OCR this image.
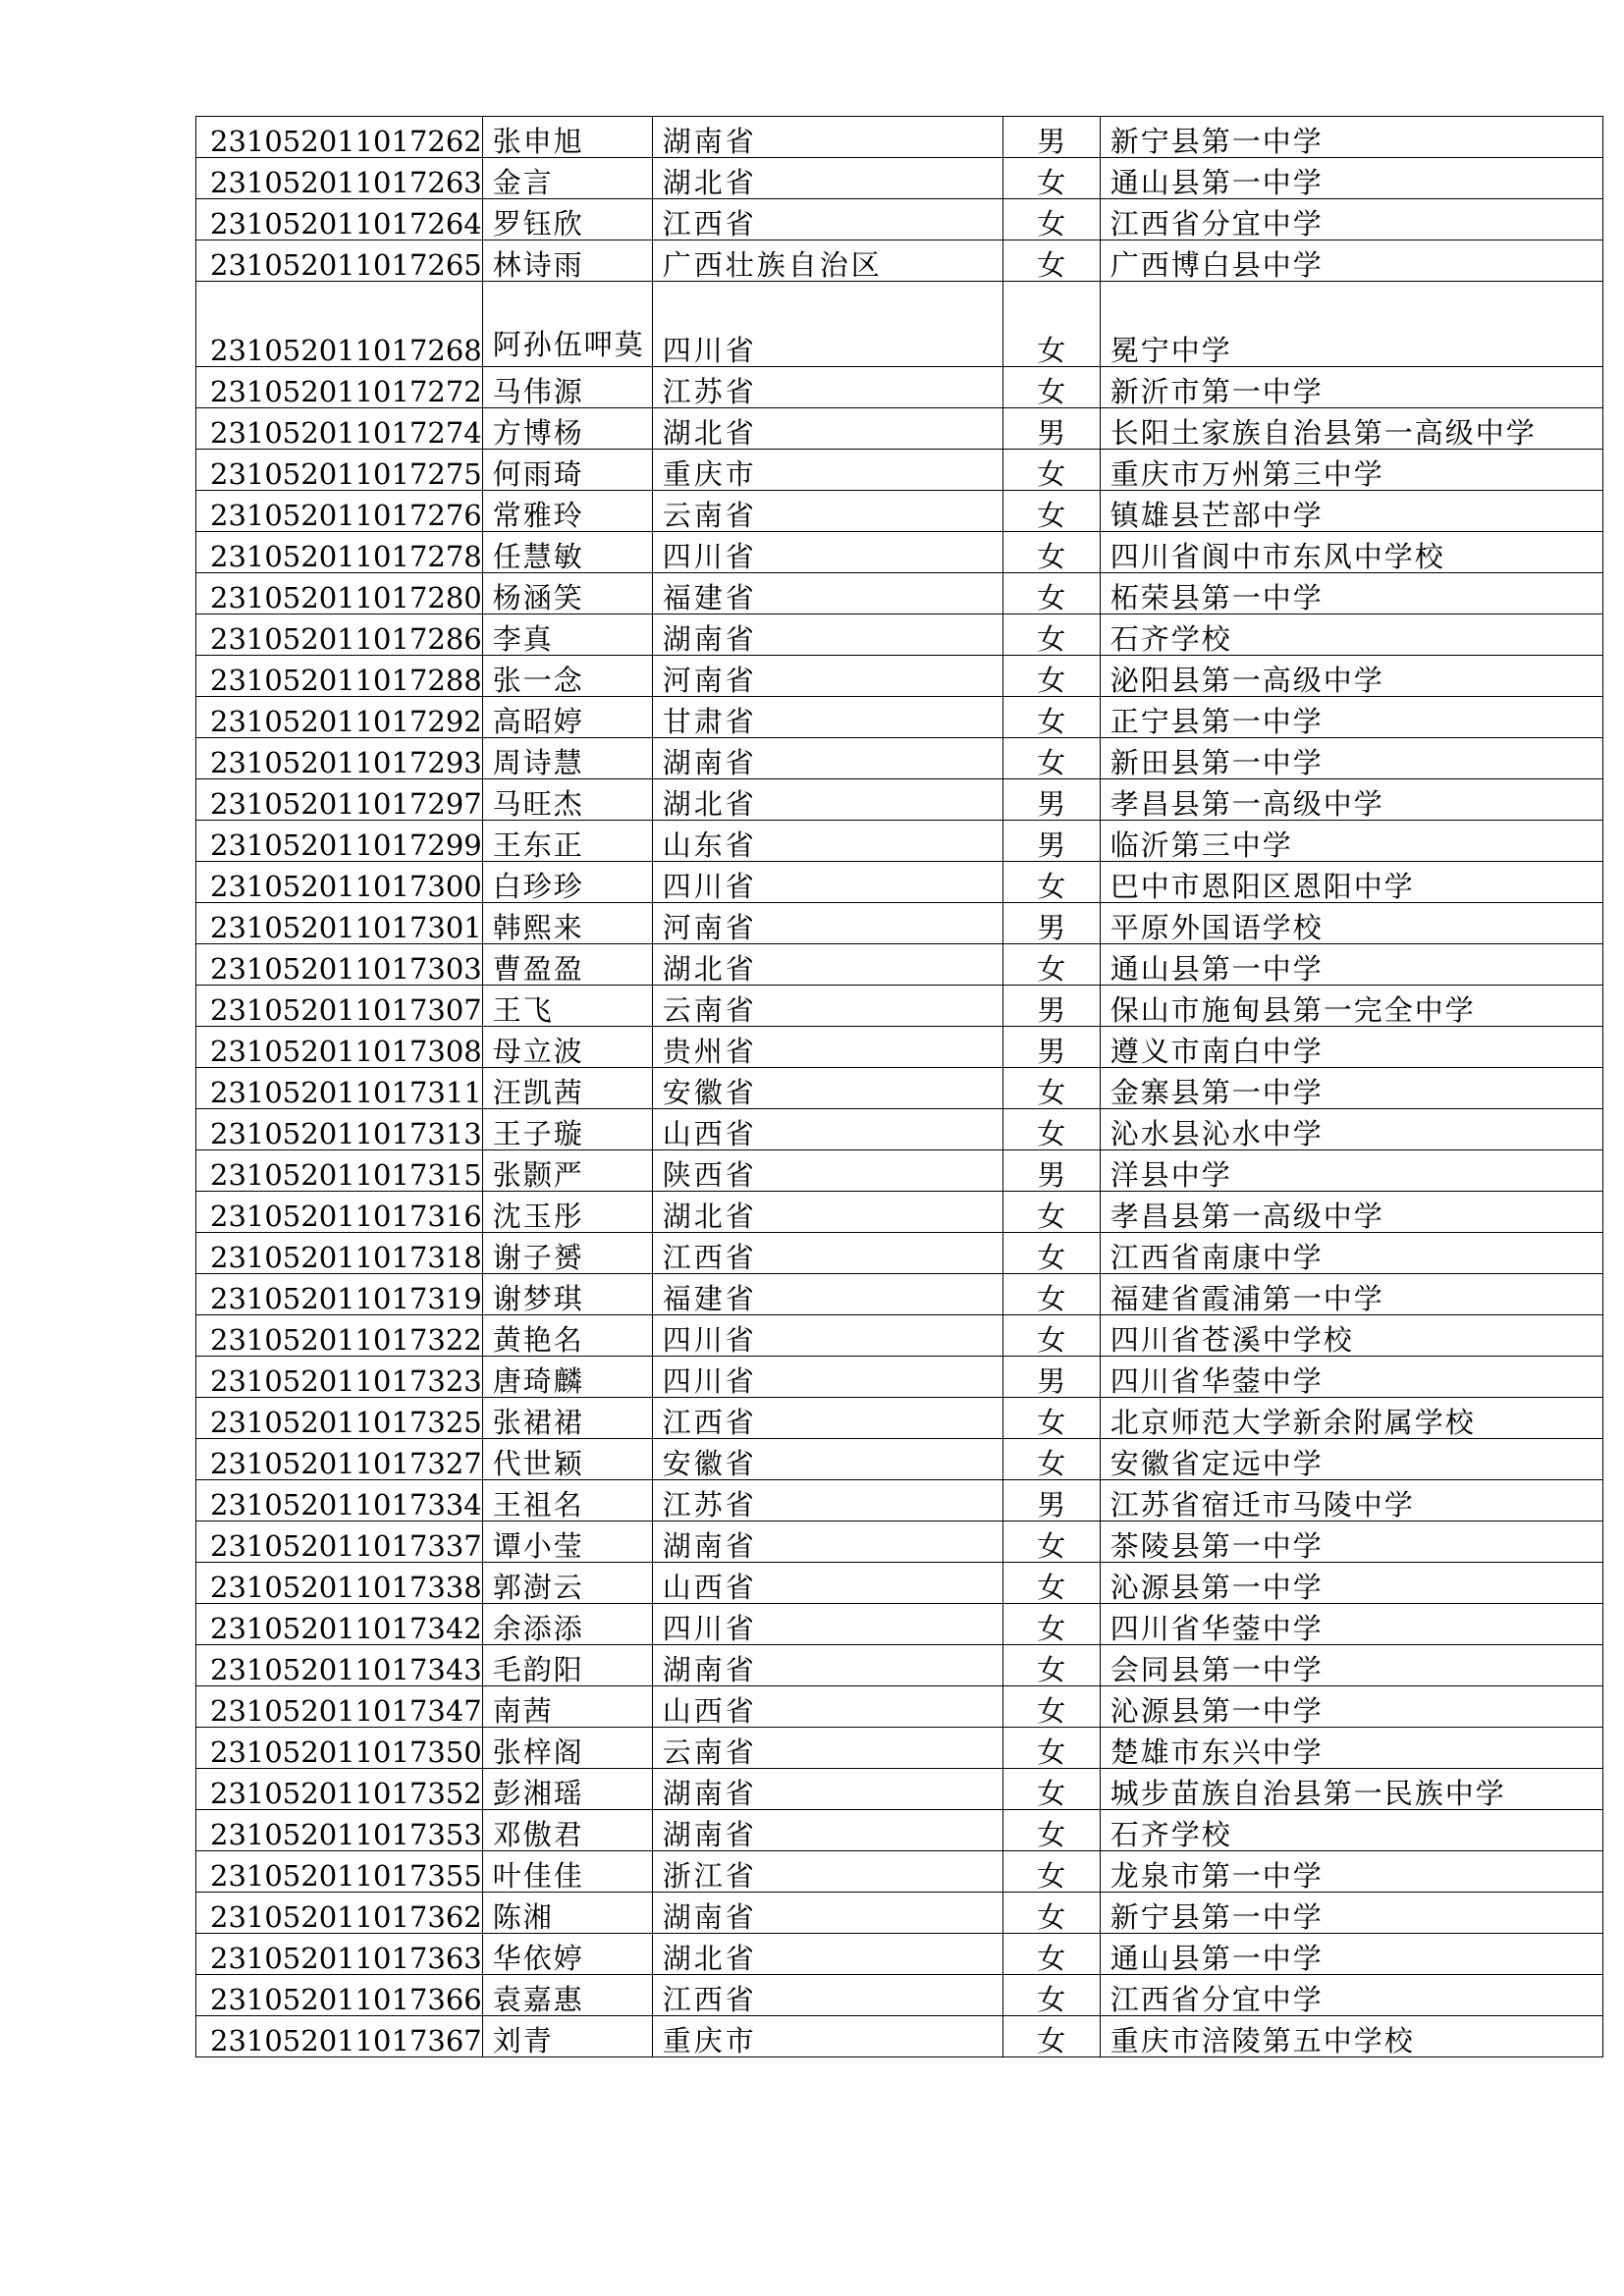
231052011017262	张申旭	湖南省	男	新宁县第一中学
231052011017263	金言	湖北省	女	通山县第一中学
231052011017264	罗钰欣	江西省	女	江西省分宜中学
231052011017265	林诗雨	广西壮族自治区	女	广西博白县中学
231052011017268	阿孙伍呷莫	四川省	女	冕宁中学
231052011017272	马伟源	江苏省	女	新沂市第一中学
231052011017274	方博杨	湖北省	男	长阳土家族自治县第一高级中学
231052011017275	何雨琦	重庆市	女	重庆市万州第三中学
231052011017276	常雅玲	云南省	女	镇雄县芒部中学
231052011017278	任慧敏	四川省	女	四川省阆中市东风中学校
231052011017280	杨涵笑	福建省	女	柘荣县第一中学
231052011017286	李真	湖南省	女	石齐学校
231052011017288	张一念	河南省	女	泌阳县第一高级中学
231052011017292	高昭婷	甘肃省	女	正宁县第一中学
231052011017293	周诗慧	湖南省	女	新田县第一中学
231052011017297	马旺杰	湖北省	男	孝昌县第一高级中学
231052011017299	王东正	山东省	男	临沂第三中学
231052011017300	白珍珍	四川省	女	巴中市恩阳区恩阳中学
231052011017301	韩熙来	河南省	男	平原外国语学校
231052011017303	曹盈盈	湖北省	女	通山县第一中学
231052011017307	王飞	云南省	男	保山市施甸县第一完全中学
231052011017308	母立波	贵州省	男	遵义市南白中学
231052011017311	汪凯茜	安徽省	女	金寨县第一中学
231052011017313	王子璇	山西省	女	沁水县沁水中学
231052011017315	张颢严	陕西省	男	洋县中学
231052011017316	沈玉彤	湖北省	女	孝昌县第一高级中学
231052011017318	谢子赟	江西省	女	江西省南康中学
231052011017319	谢梦琪	福建省	女	福建省霞浦第一中学
231052011017322	黄艳名	四川省	女	四川省苍溪中学校
231052011017323	唐琦麟	四川省	男	四川省华蓥中学
231052011017325	张裙裙	江西省	女	北京师范大学新余附属学校
231052011017327	代世颖	安徽省	女	安徽省定远中学
231052011017334	王祖名	江苏省	男	江苏省宿迁市马陵中学
231052011017337	谭小莹	湖南省	女	茶陵县第一中学
231052011017338	郭澍云	山西省	女	沁源县第一中学
231052011017342	余添添	四川省	女	四川省华蓥中学
231052011017343	毛韵阳	湖南省	女	会同县第一中学
231052011017347	南茜	山西省	女	沁源县第一中学
231052011017350	张梓阁	云南省	女	楚雄市东兴中学
231052011017352	彭湘瑶	湖南省	女	城步苗族自治县第一民族中学
231052011017353	邓傲君	湖南省	女	石齐学校
231052011017355	叶佳佳	浙江省	女	龙泉市第一中学
231052011017362	陈湘	湖南省	女	新宁县第一中学
231052011017363	华依婷	湖北省	女	通山县第一中学
231052011017366	袁嘉惠	江西省	女	江西省分宜中学
231052011017367	刘青	重庆市	女	重庆市涪陵第五中学校
